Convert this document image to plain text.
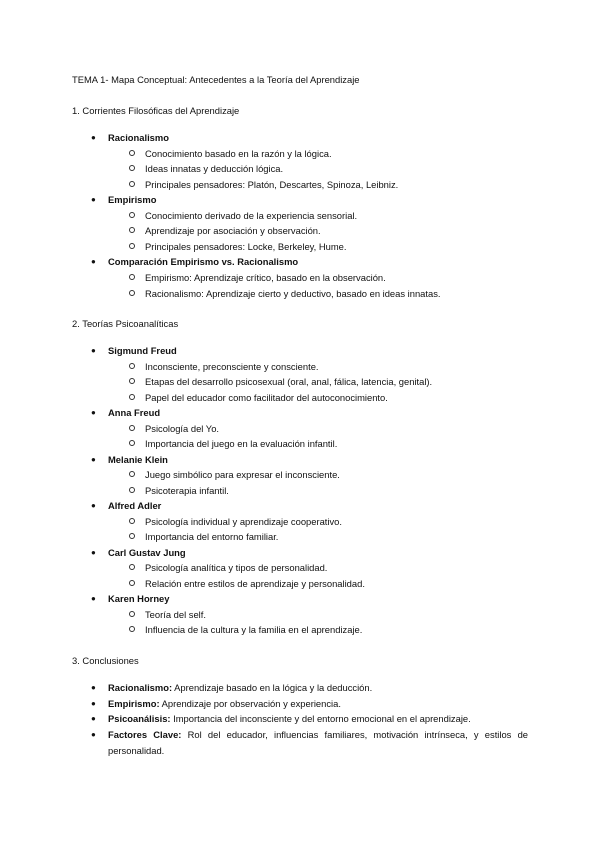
TEMA 1- Mapa Conceptual: Antecedentes a la Teoría del Aprendizaje
1. Corrientes Filosóficas del Aprendizaje
● Racionalismo
Conocimiento basado en la razón y la lógica.
Ideas innatas y deducción lógica.
Principales pensadores: Platón, Descartes, Spinoza, Leibniz.
● Empirismo
Conocimiento derivado de la experiencia sensorial.
Aprendizaje por asociación y observación.
Principales pensadores: Locke, Berkeley, Hume.
● Comparación Empirismo vs. Racionalismo
Empirismo: Aprendizaje crítico, basado en la observación.
Racionalismo: Aprendizaje cierto y deductivo, basado en ideas innatas.
2. Teorías Psicoanalíticas
● Sigmund Freud
Inconsciente, preconsciente y consciente.
Etapas del desarrollo psicosexual (oral, anal, fálica, latencia, genital).
Papel del educador como facilitador del autoconocimiento.
● Anna Freud
Psicología del Yo.
Importancia del juego en la evaluación infantil.
● Melanie Klein
Juego simbólico para expresar el inconsciente.
Psicoterapia infantil.
● Alfred Adler
Psicología individual y aprendizaje cooperativo.
Importancia del entorno familiar.
● Carl Gustav Jung
Psicología analítica y tipos de personalidad.
Relación entre estilos de aprendizaje y personalidad.
● Karen Horney
Teoría del self.
Influencia de la cultura y la familia en el aprendizaje.
3. Conclusiones
● Racionalismo: Aprendizaje basado en la lógica y la deducción.
● Empirismo: Aprendizaje por observación y experiencia.
● Psicoanálisis: Importancia del inconsciente y del entorno emocional en el aprendizaje.
● Factores Clave: Rol del educador, influencias familiares, motivación intrínseca, y estilos de personalidad.
